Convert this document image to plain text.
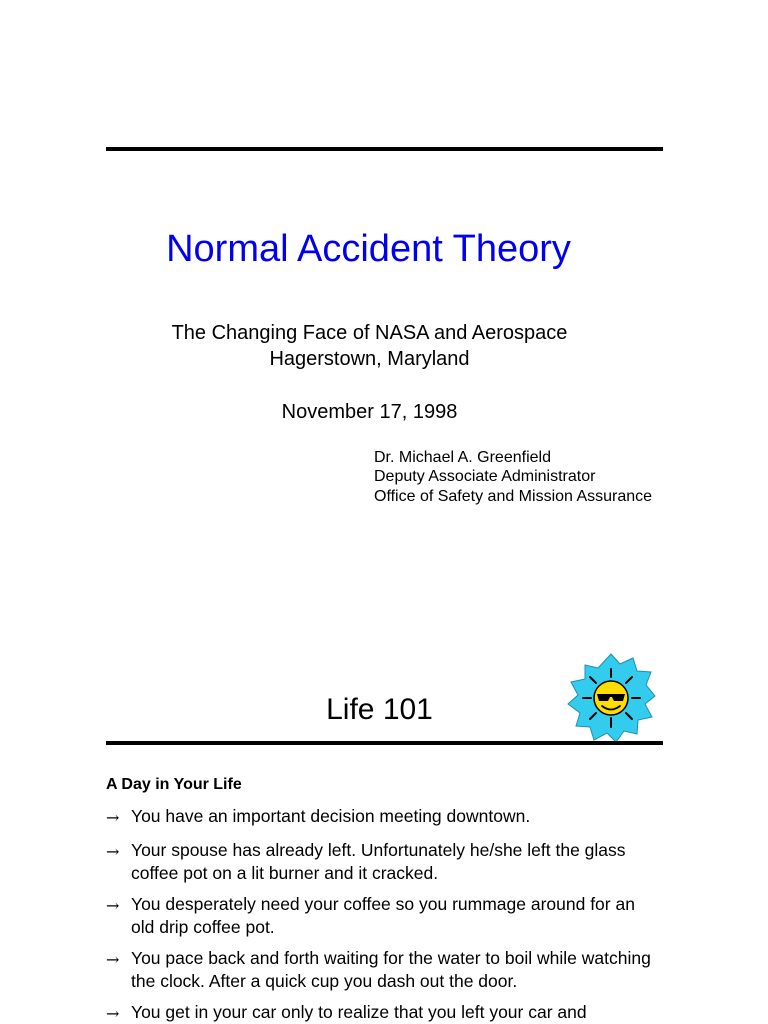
Normal Accident Theory
The Changing Face of NASA and Aerospace
Hagerstown, Maryland
November 17, 1998
Dr. Michael A. Greenfield
Deputy Associate Administrator
Office of Safety and Mission Assurance
Life 101
A Day in Your Life
→ You have an important decision meeting downtown.
→ Your spouse has already left. Unfortunately he/she left the glass coffee pot on a lit burner and it cracked.
→ You desperately need your coffee so you rummage around for an old drip coffee pot.
→ You pace back and forth waiting for the water to boil while watching the clock. After a quick cup you dash out the door.
→ You get in your car only to realize that you left your car and
